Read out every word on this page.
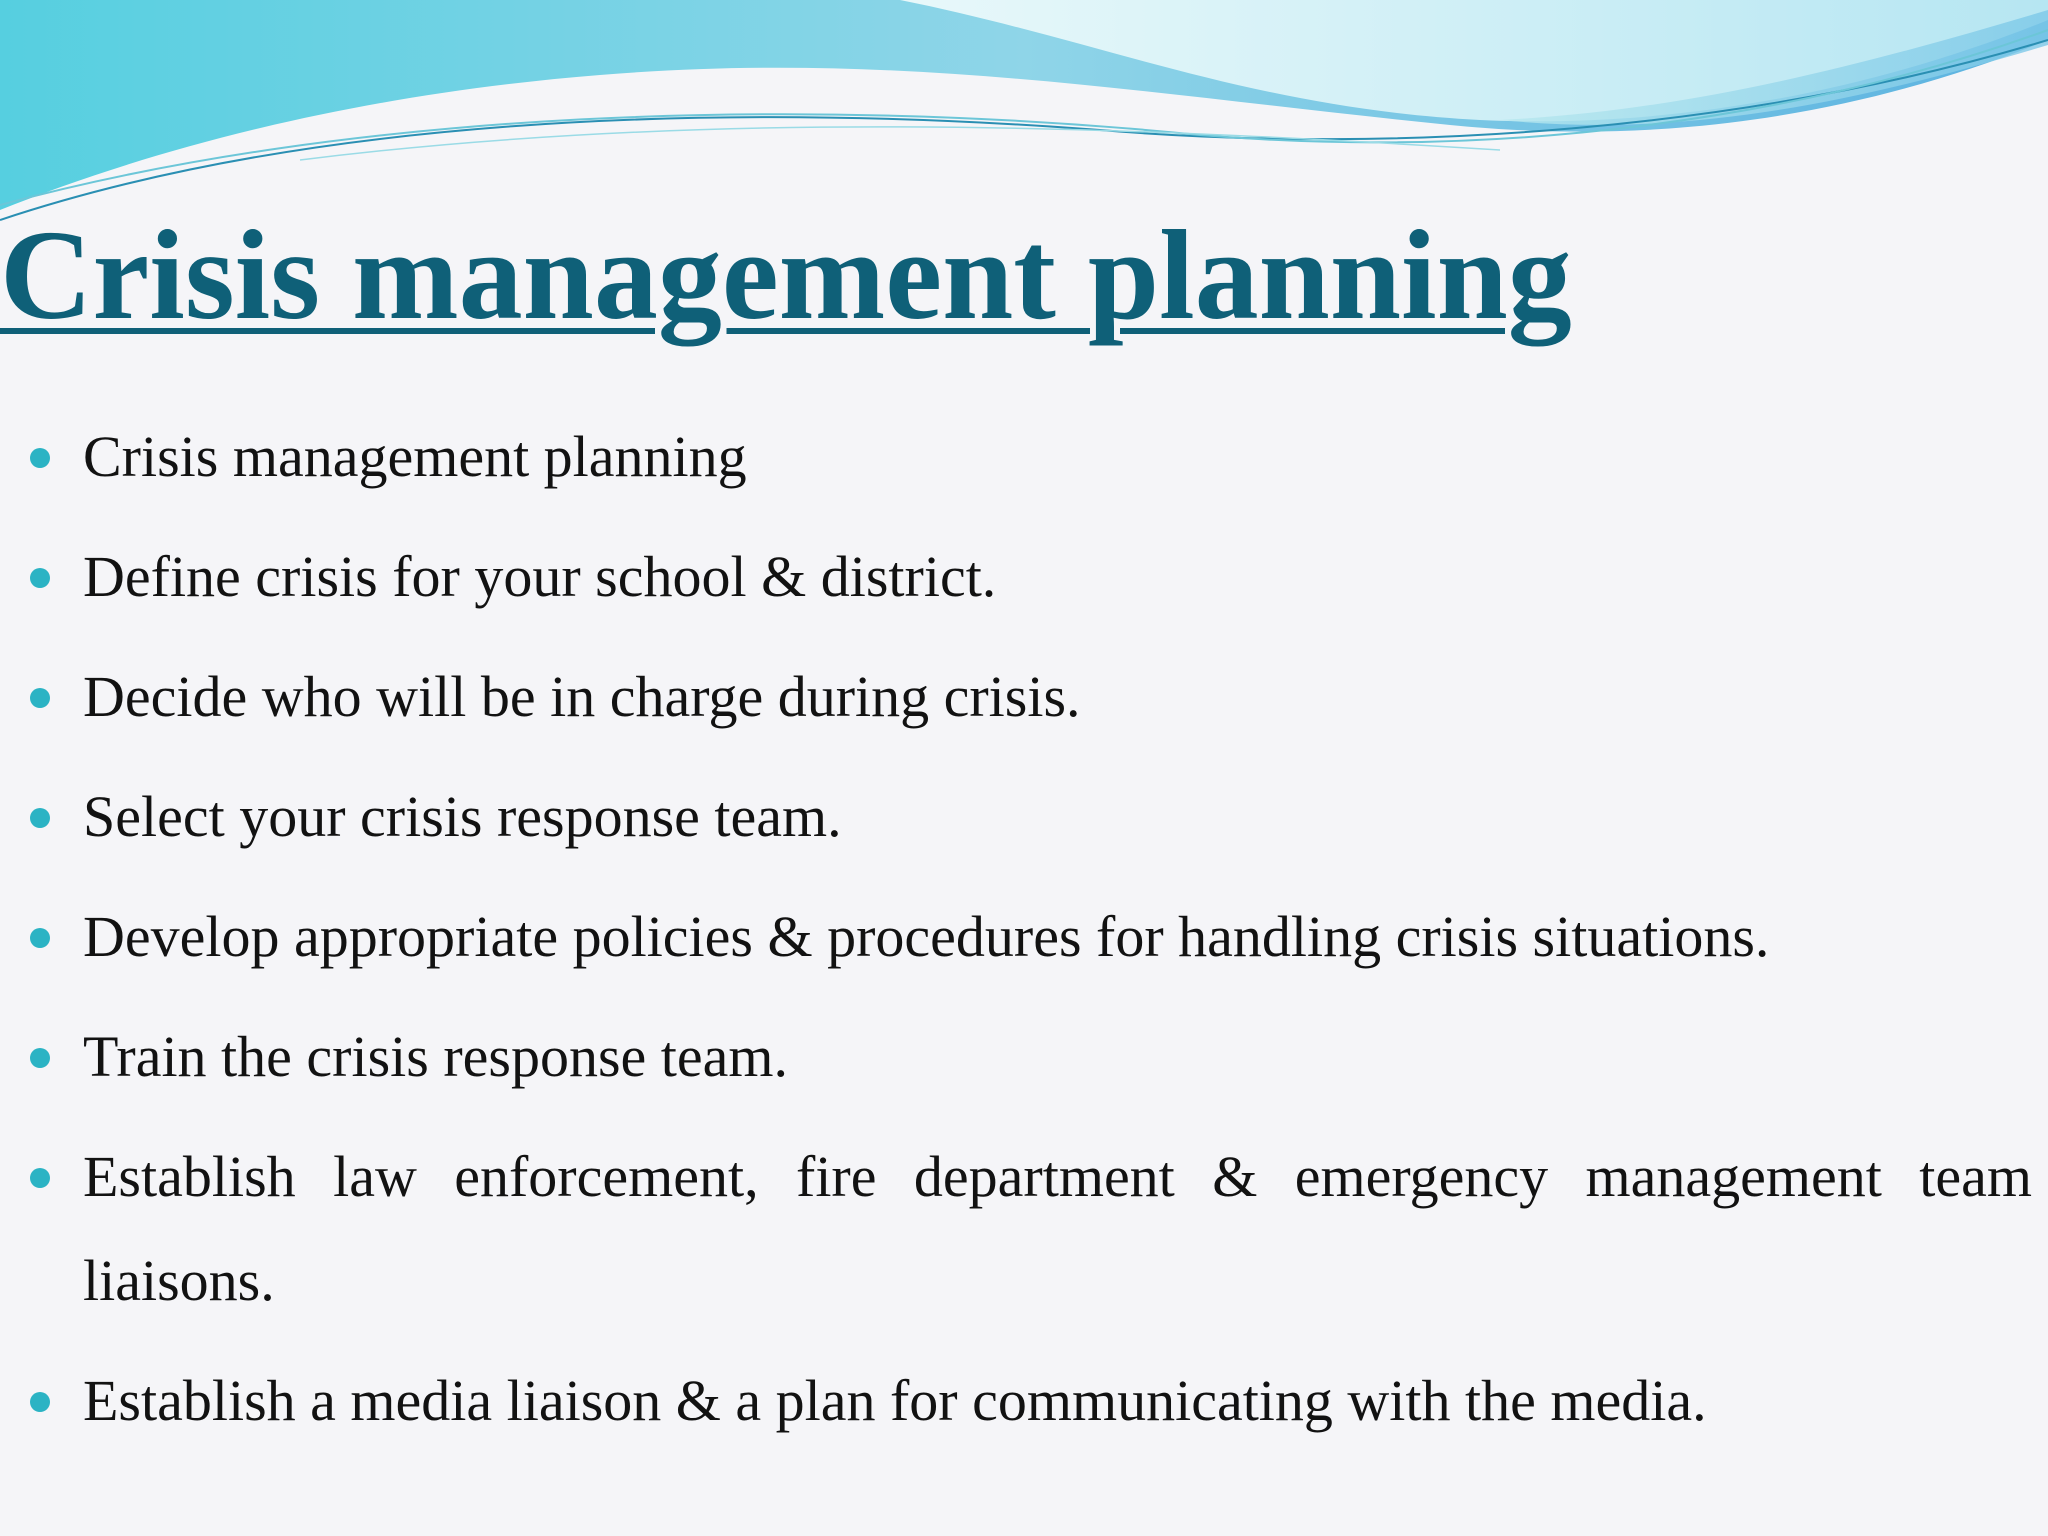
Crisis management planning
Crisis management planning
Define crisis for your school & district.
Decide who will be in charge during crisis.
Select your crisis response team.
Develop appropriate policies & procedures for handling crisis situations.
Train the crisis response team.
Establish law enforcement, fire department & emergency management team liaisons.
Establish a media liaison & a plan for communicating with the media.
